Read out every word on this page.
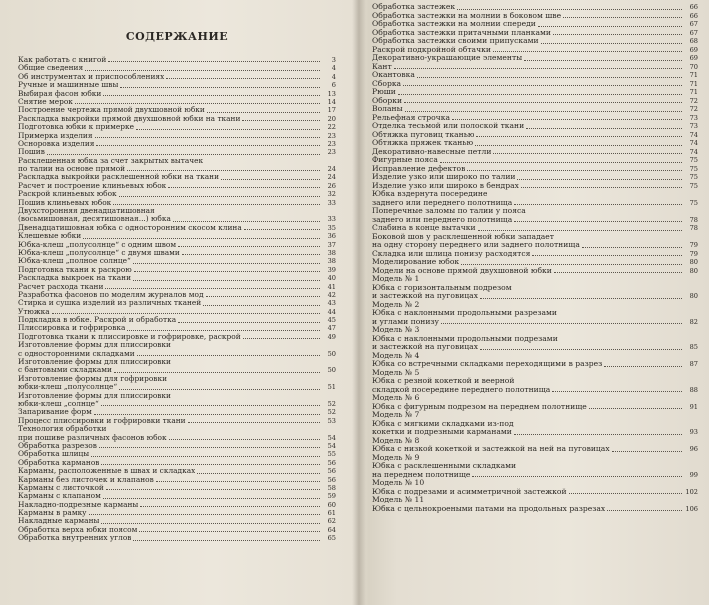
СОДЕРЖАНИЕ
Как работать с книгой	3
Общие сведения	4
Об инструментах и приспособлениях	4
Ручные и машинные швы	6
Выбирая фасон юбки	13
Снятие мерок	14
Построение чертежа прямой двухшовной юбки	17
Раскладка выкройки прямой двухшовной юбки на ткани	20
Подготовка юбки к примерке	22
Примерка изделия	23
Осноровка изделия	23
Пошив	23
Расклешенная юбка за счет закрытых вытачек
по талии на основе прямой	24
Раскладка выкройки расклешенной юбки на ткани	24
Расчет и построение клиньевых юбок	26
Раскрой клиньевых юбок	32
Пошив клиньевых юбок	33
Двухсторонняя двенадцатишовная
(восьмишовная, десятишовная...) юбка	33
Двенадцатишовная юбка с односторонним скосом клина	35
Клешевые юбки	36
Юбка-клеш „полусолнце“ с одним швом	37
Юбка-клеш „полусолнце“ с двумя швами	38
Юбка-клеш „полное солнце“	38
Подготовка ткани к раскрою	39
Раскладка выкроек на ткани	40
Расчет расхода ткани	41
Разработка фасонов по моделям журналов мод	42
Стирка и сушка изделий из различных тканей	43
Утюжка	44
Подкладка в юбке. Раскрой и обработка	45
Плиссировка и гофрировка	47
Подготовка ткани к плиссировке и гофрировке, раскрой	49
Изготовление формы для плиссировки
с односторонними складками	50
Изготовление формы для плиссировки
с бантовыми складками	50
Изготовление формы для гофрировки
юбки-клеш „полусолнце“	51
Изготовление формы для плиссировки
юбки-клеш „солнце“	52
Запаривание форм	52
Процесс плиссировки и гофрировки ткани	53
Технология обработки
при пошиве различных фасонов юбок	54
Обработка разрезов	54
Обработка шлицы	55
Обработка карманов	56
Карманы, расположенные в швах и складках	56
Карманы без листочек и клапанов	56
Карманы с листочкой	58
Карманы с клапаном	59
Накладно-подрезные карманы	60
Карманы в рамку	61
Накладные карманы	62
Обработка верха юбки поясом	64
Обработка внутренних углов	65
Обработка застежек	66
Обработка застежки на молнии в боковом шве	66
Обработка застежки на молнии спереди	67
Обработка застежки притачными планками	67
Обработка застежки своими припусками	68
Раскрой подкройной обтачки	69
Декоративно-украшающие элементы	69
Кант	70
Окантовка	71
Сборка	71
Рюши	71
Оборки	72
Воланы	72
Рельефная строчка	73
Отделка тесьмой или полоской ткани	73
Обтяжка пуговиц тканью	74
Обтяжка пряжек тканью	74
Декоративно-навесные петли	74
Фигурные пояса	75
Исправление дефектов	75
Изделие узко или широко по талии	75
Изделие узко или широко в бендрах	75
Юбка вздернута посередине
заднего или переднего полотнища	75
Поперечные заломы по талии у пояса
заднего или переднего полотнища	78
Слабина в конце вытачки	78
Боковой шов у расклешенной юбки западает
на одну сторону переднего или заднего полотнища	79
Складка или шлица понизу расходятся	79
Моделирование юбок	80
Модели на основе прямой двухшовной юбки	80
Модель № 1
Юбка с горизонтальным подрезом
и застежкой на пуговицах	80
Модель № 2
Юбка с наклонными продольными разрезами
и углами понизу	82
Модель № 3
Юбка с наклонными продольными подрезами
и застежкой на пуговицах	85
Модель № 4
Юбка со встречными складками переходящими в разрез	87
Модель № 5
Юбка с резной кокеткой и веерной
складкой посередине переднего полотнища	88
Модель № 6
Юбка с фигурным подрезом на переднем полотнище	91
Модель № 7
Юбка с мягкими складками из-под
кокетки и подрезными карманами	93
Модель № 8
Юбка с низкой кокеткой и застежкой на ней на пуговицах	96
Модель № 9
Юбка с расклешенными складками
на переднем полотнище	99
Модель № 10
Юбка с подрезами и асимметричной застежкой	102
Модель № 11
Юбка с цельнокроеными патами на продольных разрезах	106
